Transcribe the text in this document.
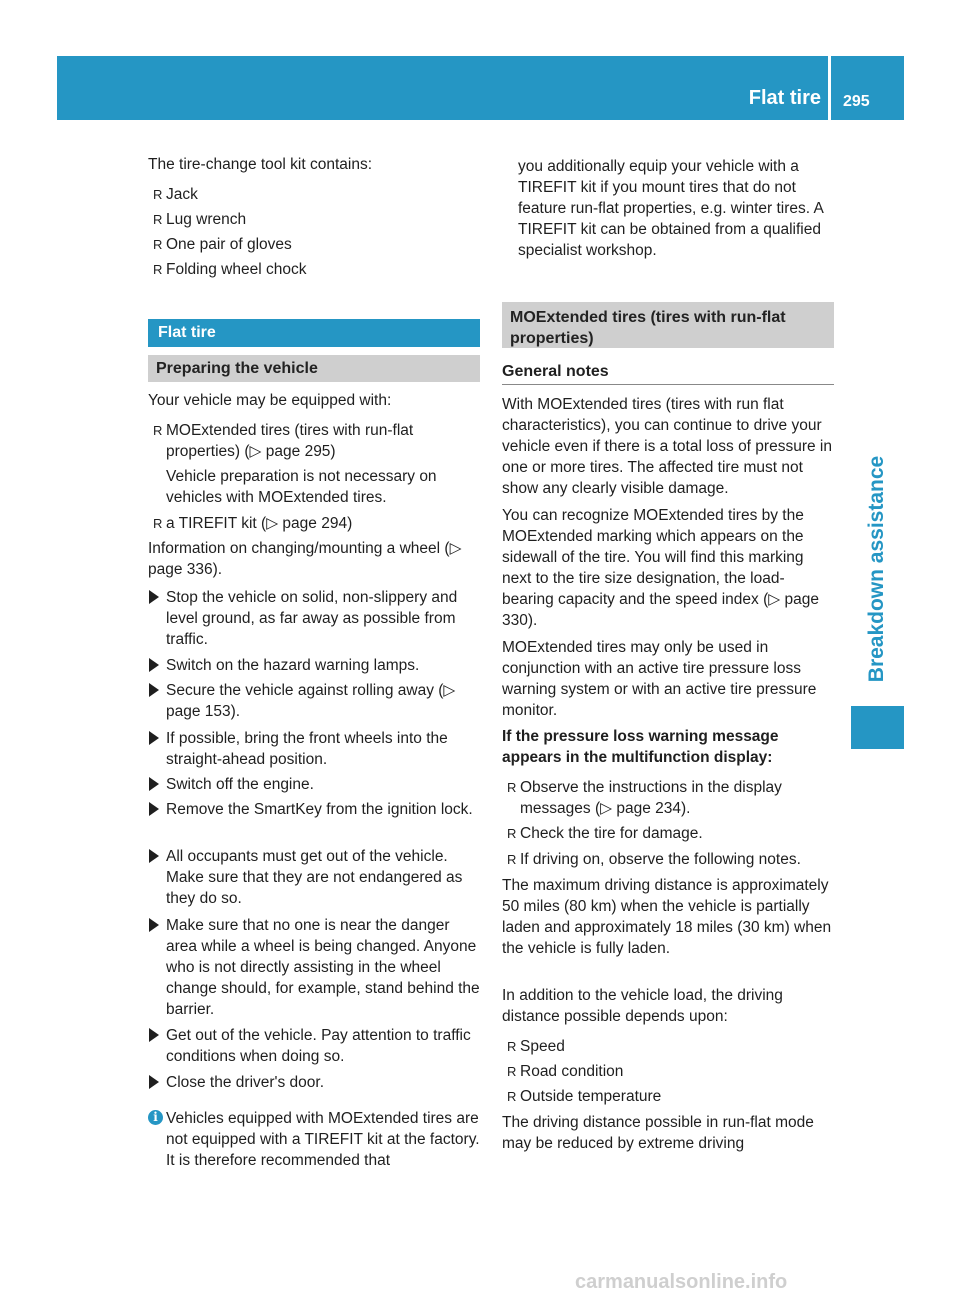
Flat tire 295
Breakdown assistance

The tire-change tool kit contains:

R Jack
R Lug wrench
R One pair of gloves
R Folding wheel chock
Flat tire
Preparing the vehicle

Your vehicle may be equipped with:

R MOExtended tires (tires with run-flat properties) (▷ page 295)

Vehicle preparation is not necessary on vehicles with MOExtended tires.

R a TIREFIT kit (▷ page 294)

Information on changing/mounting a wheel (▷ page 336).

Stop the vehicle on solid, non-slippery and level ground, as far away as possible from traffic.
Switch on the hazard warning lamps.
Secure the vehicle against rolling away (▷ page 153).
If possible, bring the front wheels into the straight-ahead position.
Switch off the engine.
Remove the SmartKey from the ignition lock.
All occupants must get out of the vehicle. Make sure that they are not endangered as they do so.
Make sure that no one is near the danger area while a wheel is being changed. Anyone who is not directly assisting in the wheel change should, for example, stand behind the barrier.
Get out of the vehicle. Pay attention to traffic conditions when doing so.
Close the driver's door.
i Vehicles equipped with MOExtended tires are not equipped with a TIREFIT kit at the factory. It is therefore recommended that

you additionally equip your vehicle with a TIREFIT kit if you mount tires that do not feature run-flat properties, e.g. winter tires. A TIREFIT kit can be obtained from a qualified specialist workshop.

MOExtended tires (tires with run-flat properties)
General notes

With MOExtended tires (tires with run flat characteristics), you can continue to drive your vehicle even if there is a total loss of pressure in one or more tires. The affected tire must not show any clearly visible damage.

You can recognize MOExtended tires by the MOExtended marking which appears on the sidewall of the tire. You will find this marking next to the tire size designation, the load-bearing capacity and the speed index (▷ page 330).

MOExtended tires may only be used in conjunction with an active tire pressure loss warning system or with an active tire pressure monitor.

If the pressure loss warning message appears in the multifunction display:

R Observe the instructions in the display messages (▷ page 234).
R Check the tire for damage.
R If driving on, observe the following notes.

The maximum driving distance is approximately 50 miles (80 km) when the vehicle is partially laden and approximately 18 miles (30 km) when the vehicle is fully laden.

In addition to the vehicle load, the driving distance possible depends upon:

R Speed
R Road condition
R Outside temperature

The driving distance possible in run-flat mode may be reduced by extreme driving

carmanualsonline.info
